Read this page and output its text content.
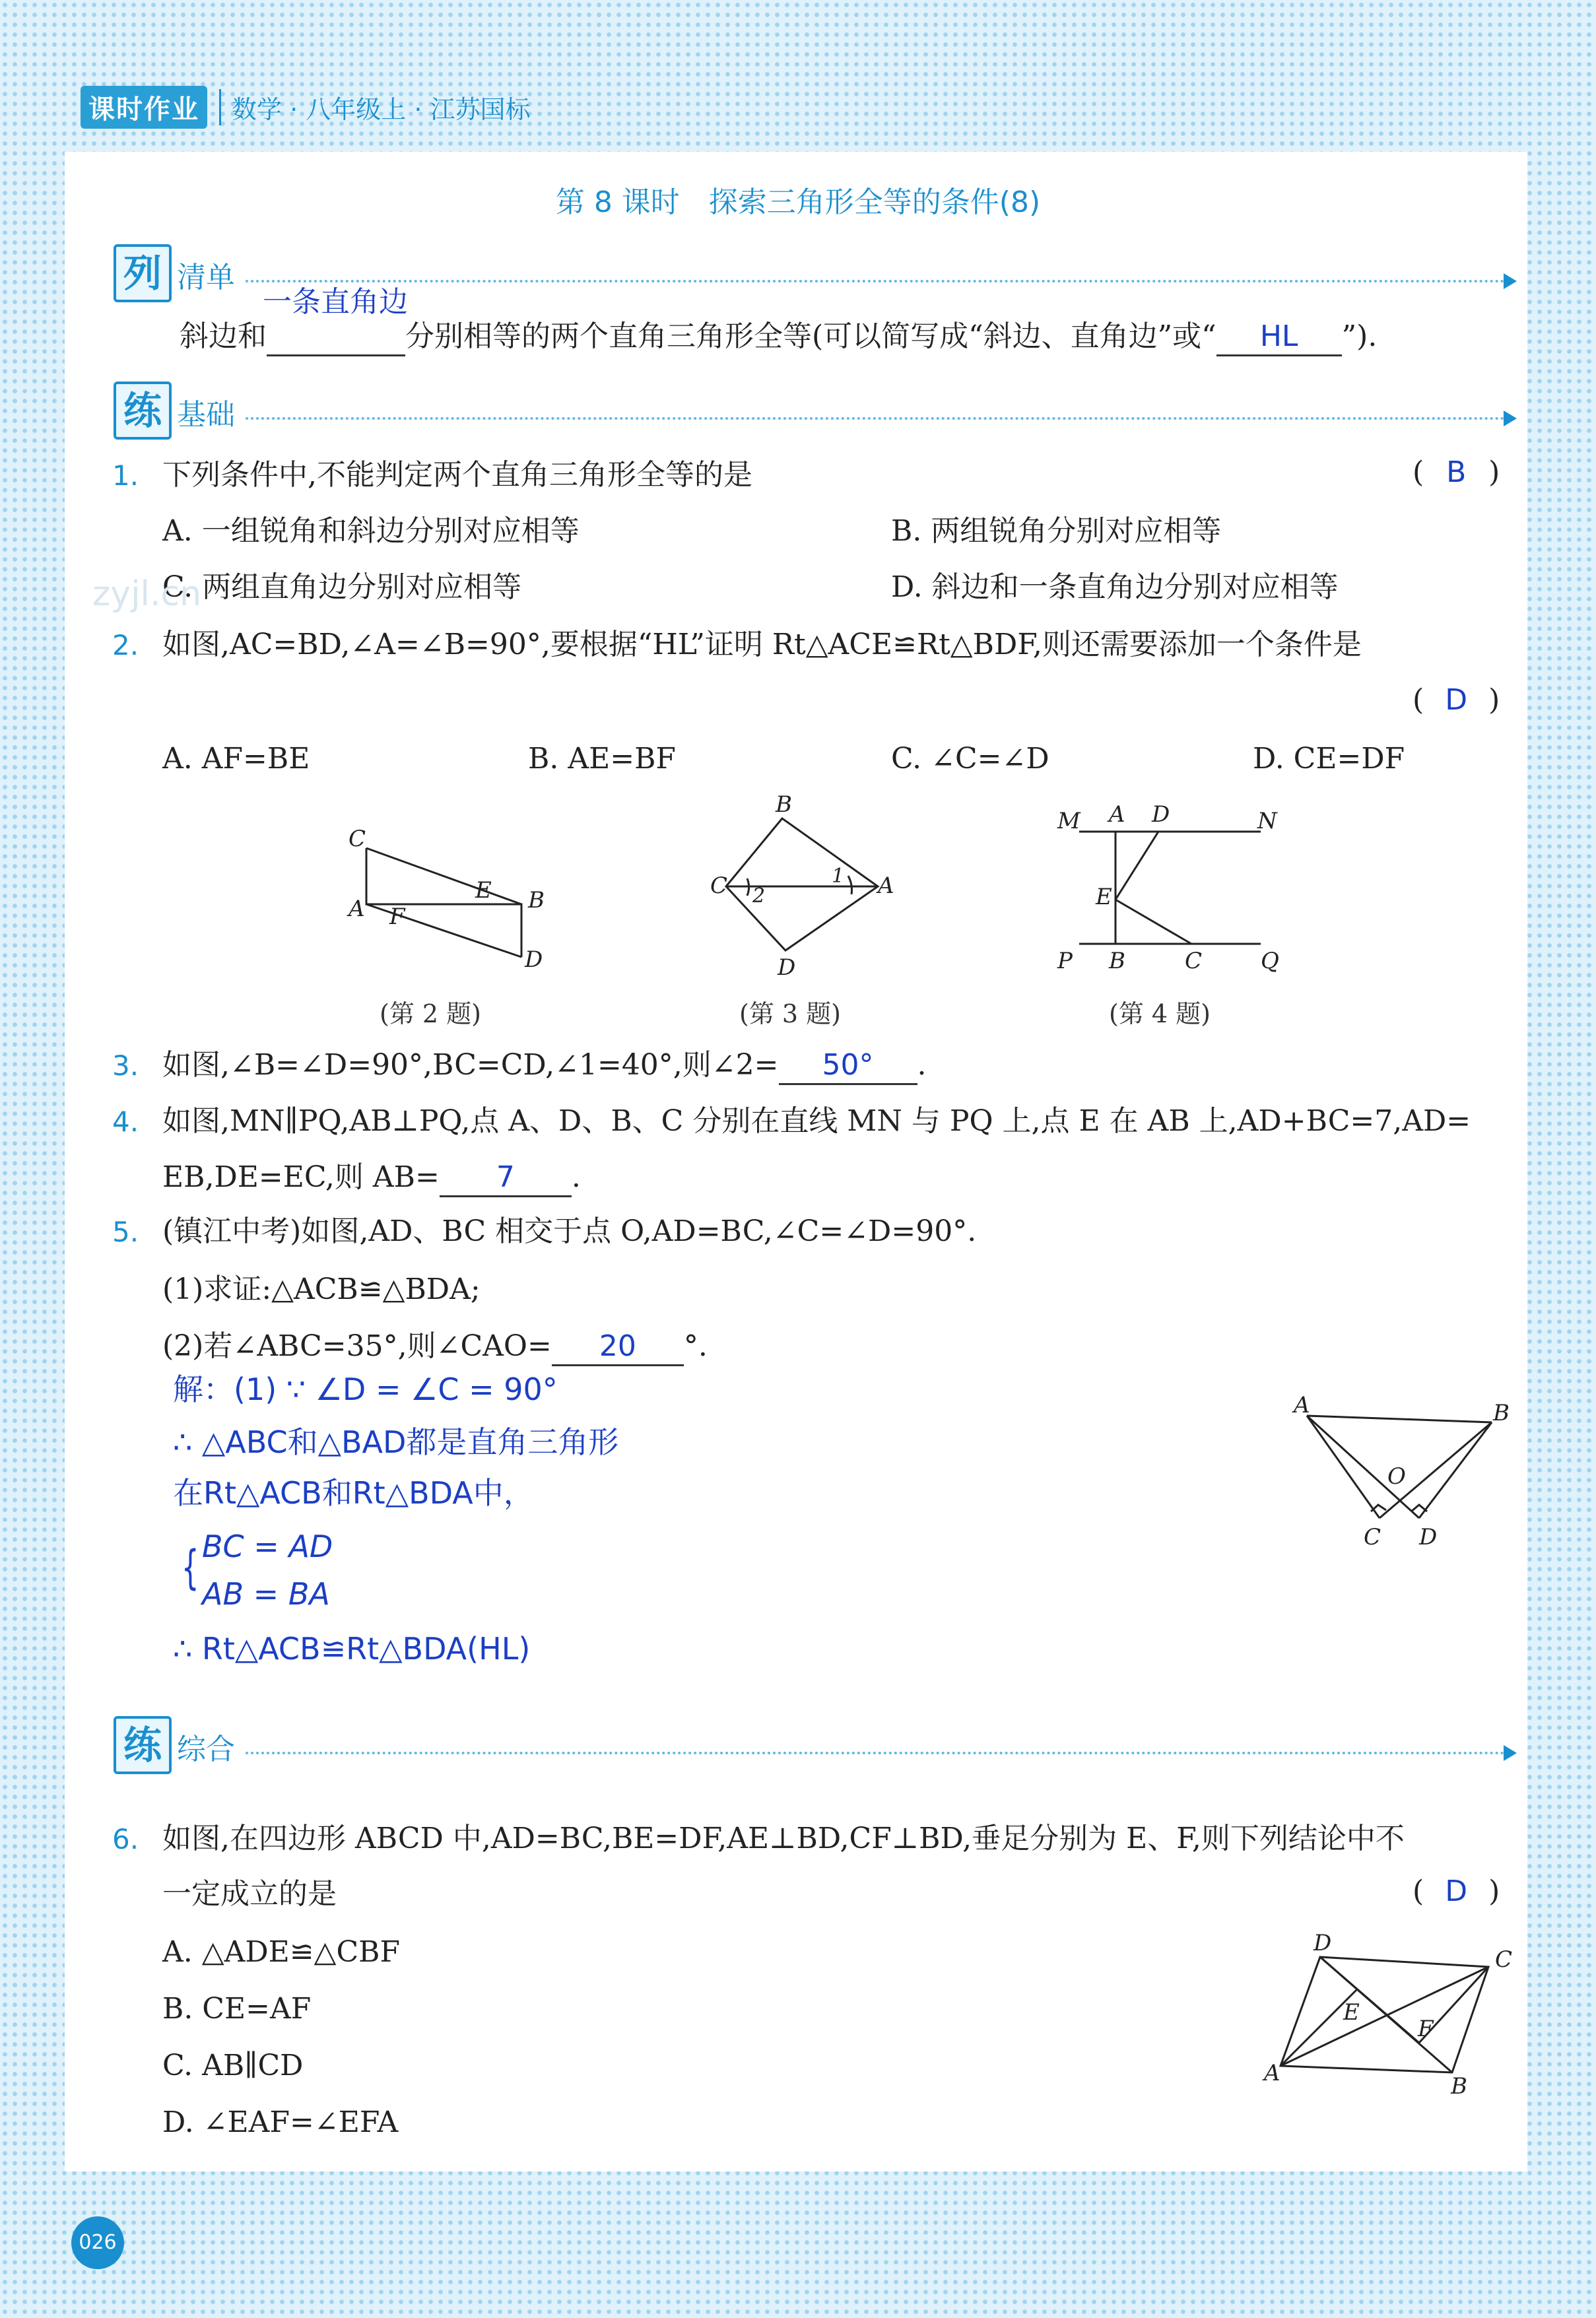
课时作业	数学 · 八年级上 · 江苏国标
第 8 课时　探索三角形全等的条件(8)
列 清单
斜边和
一条直角边
分别相等的两个直角三角形全等(可以简写成“斜边、直角边”或“ HL ”).
练 基础
1. 下列条件中,不能判定两个直角三角形全等的是	( B )
A. 一组锐角和斜边分别对应相等	B. 两组锐角分别对应相等
C. 两组直角边分别对应相等	D. 斜边和一条直角边分别对应相等
zyjl.cn
2. 如图,AC=BD,∠A=∠B=90°,要根据“HL”证明 Rt△ACE≌Rt△BDF,则还需要添加一个条件是
( D )
A. AF=BE	B. AE=BF	C. ∠C=∠D	D. CE=DF
C
A F
E B
D
(第 2 题)
B
C	A
D
1
2
(第 3 题)
M A D	N
E
P B	C	Q
(第 4 题)
3. 如图,∠B=∠D=90°,BC=CD,∠1=40°,则∠2= 50° .
4. 如图,MN∥PQ,AB⊥PQ,点 A、D、B、C 分别在直线 MN 与 PQ 上,点 E 在 AB 上,AD+BC=7,AD=
EB,DE=EC,则 AB= 7 .
5. (镇江中考)如图,AD、BC 相交于点 O,AD=BC,∠C=∠D=90°.
(1)求证:△ACB≌△BDA;
(2)若∠ABC=35°,则∠CAO= 20 °.
解：(1) ∵ ∠D = ∠C = 90°
∴ △ABC和△BAD都是直角三角形
在Rt△ACB和Rt△BDA中，
{ BC = AD
AB = BA
∴ Rt△ACB≌Rt△BDA(HL)
A	B
O
C D
练 综合
6. 如图,在四边形 ABCD 中,AD=BC,BE=DF,AE⊥BD,CF⊥BD,垂足分别为 E、F,则下列结论中不
一定成立的是	( D )
A. △ADE≌△CBF
B. CE=AF
C. AB∥CD
D. ∠EAF=∠EFA
D
C
E
F
A	B
026
